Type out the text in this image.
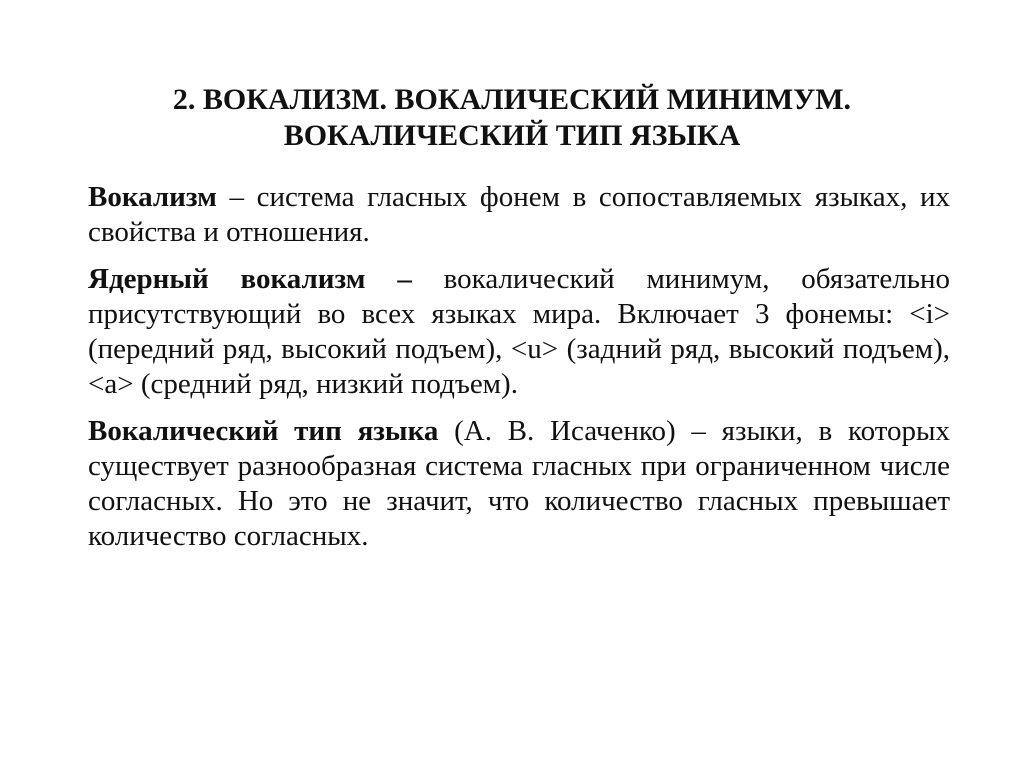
2. ВОКАЛИЗМ. ВОКАЛИЧЕСКИЙ МИНИМУМ.
ВОКАЛИЧЕСКИЙ ТИП ЯЗЫКА

Вокализм – система гласных фонем в сопоставляемых языках, их свойства и отношения.

Ядерный вокализм – вокалический минимум, обязательно присутствующий во всех языках мира. Включает 3 фонемы: <i> (передний ряд, высокий подъем), <u> (задний ряд, высокий подъем), <a> (средний ряд, низкий подъем).

Вокалический тип языка (А. В. Исаченко) – языки, в которых существует разнообразная система гласных при ограниченном числе согласных. Но это не значит, что количество гласных превышает количество согласных.
